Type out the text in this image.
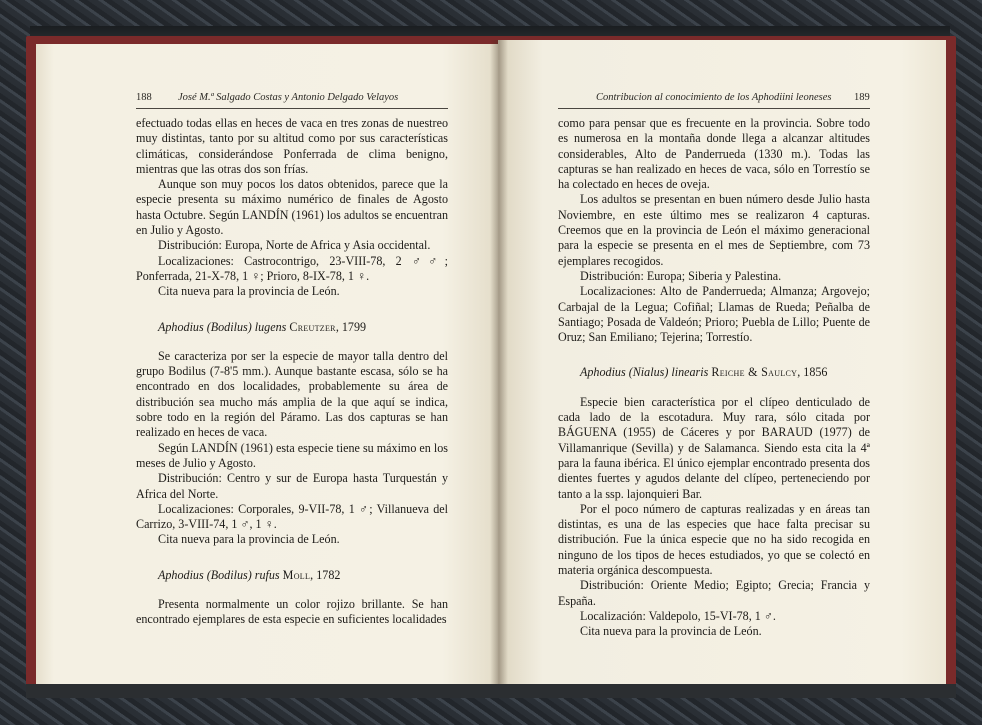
188	José M.ª Salgado Costas y Antonio Delgado Velayos

efectuado todas ellas en heces de vaca en tres zonas de nuestreo muy distintas, tanto por su altitud como por sus características climáticas, considerándose Ponferrada de clima benigno, mientras que las otras dos son frías.

Aunque son muy pocos los datos obtenidos, parece que la especie presenta su máximo numérico de finales de Agosto hasta Octubre. Según LANDÍN (1961) los adultos se encuentran en Julio y Agosto.

Distribución: Europa, Norte de Africa y Asia occidental.

Localizaciones: Castrocontrigo, 23-VIII-78, 2 ♂♂; Ponferrada, 21-X-78, 1 ♀; Priorо, 8-IX-78, 1 ♀.

Cita nueva para la provincia de León.

Aphodius (Bodilus) lugens Creutzer, 1799

Se caracteriza por ser la especie de mayor talla dentro del grupo Bodilus (7-8'5 mm.). Aunque bastante escasa, sólo se ha encontrado en dos localidades, probablemente su área de distribución sea mucho más amplia de la que aquí se indica, sobre todo en la región del Páramo. Las dos capturas se han realizado en heces de vaca.

Según LANDÍN (1961) esta especie tiene su máximo en los meses de Julio y Agosto.

Distribución: Centro y sur de Europa hasta Turquestán y Africa del Norte.

Localizaciones: Corporales, 9-VII-78, 1 ♂; Villanueva del Carrizo, 3-VIII-74, 1 ♂, 1 ♀.

Cita nueva para la provincia de León.

Aphodius (Bodilus) rufus Moll, 1782

Presenta normalmente un color rojizo brillante. Se han encontrado ejemplares de esta especie en suficientes localidades

Contribucion al conocimiento de los Aphodiini leoneses 189

como para pensar que es frecuente en la provincia. Sobre todo es numerosa en la montaña donde llega a alcanzar altitudes considerables, Alto de Panderrueda (1330 m.). Todas las capturas se han realizado en heces de vaca, sólo en Torrestío se ha colectado en heces de oveja.

Los adultos se presentan en buen número desde Julio hasta Noviembre, en este último mes se realizaron 4 capturas. Creemos que en la provincia de León el máximo generacional para la especie se presenta en el mes de Septiembre, com 73 ejemplares recogidos.

Distribución: Europa; Siberia y Palestina.

Localizaciones: Alto de Panderrueda; Almanza; Argovejo; Carbajal de la Legua; Cofiñal; Llamas de Rueda; Peñalba de Santiago; Posada de Valdeón; Prioro; Puebla de Lillo; Puente de Oruz; San Emiliano; Tejerina; Torrestío.

Aphodius (Nialus) linearis Reiche & Saulcy, 1856

Especie bien característica por el clípeo denticulado de cada lado de la escotadura. Muy rara, sólo citada por BÁGUENA (1955) de Cáceres y por BARAUD (1977) de Villamanrique (Sevilla) y de Salamanca. Siendo esta cita la 4ª para la fauna ibérica. El único ejemplar encontrado presenta dos dientes fuertes y agudos delante del clípeo, perteneciendo por tanto a la ssp. lajonquieri Bar.

Por el poco número de capturas realizadas y en áreas tan distintas, es una de las especies que hace falta precisar su distribución. Fue la única especie que no ha sido recogida en ninguno de los tipos de heces estudiados, yo que se colectó en materia orgánica descompuesta.

Distribución: Oriente Medio; Egipto; Grecia; Francia y España.

Localización: Valdepolo, 15-VI-78, 1 ♂.

Cita nueva para la provincia de León.
